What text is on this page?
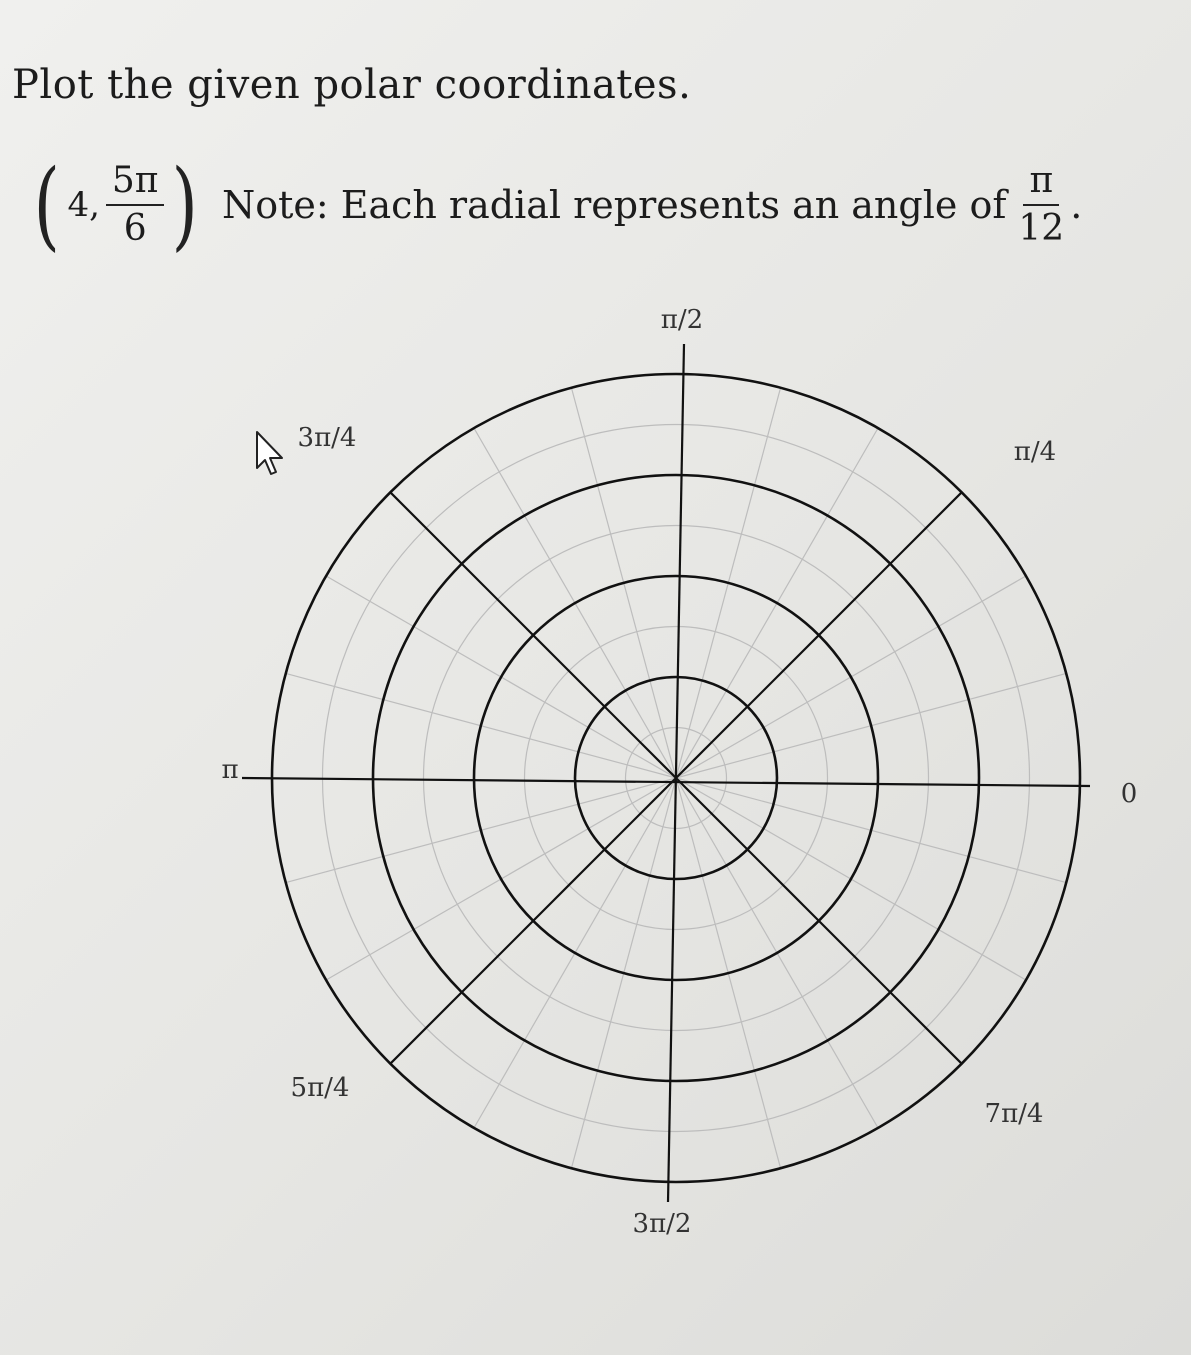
Plot the given polar coordinates.
( 4, $\frac{5\pi}{6}$ ) Note: Each radial represents an angle of $\frac{\pi}{12}$ .
π/2
π/4
3π/4
π
0
5π/4
7π/4
3π/2
